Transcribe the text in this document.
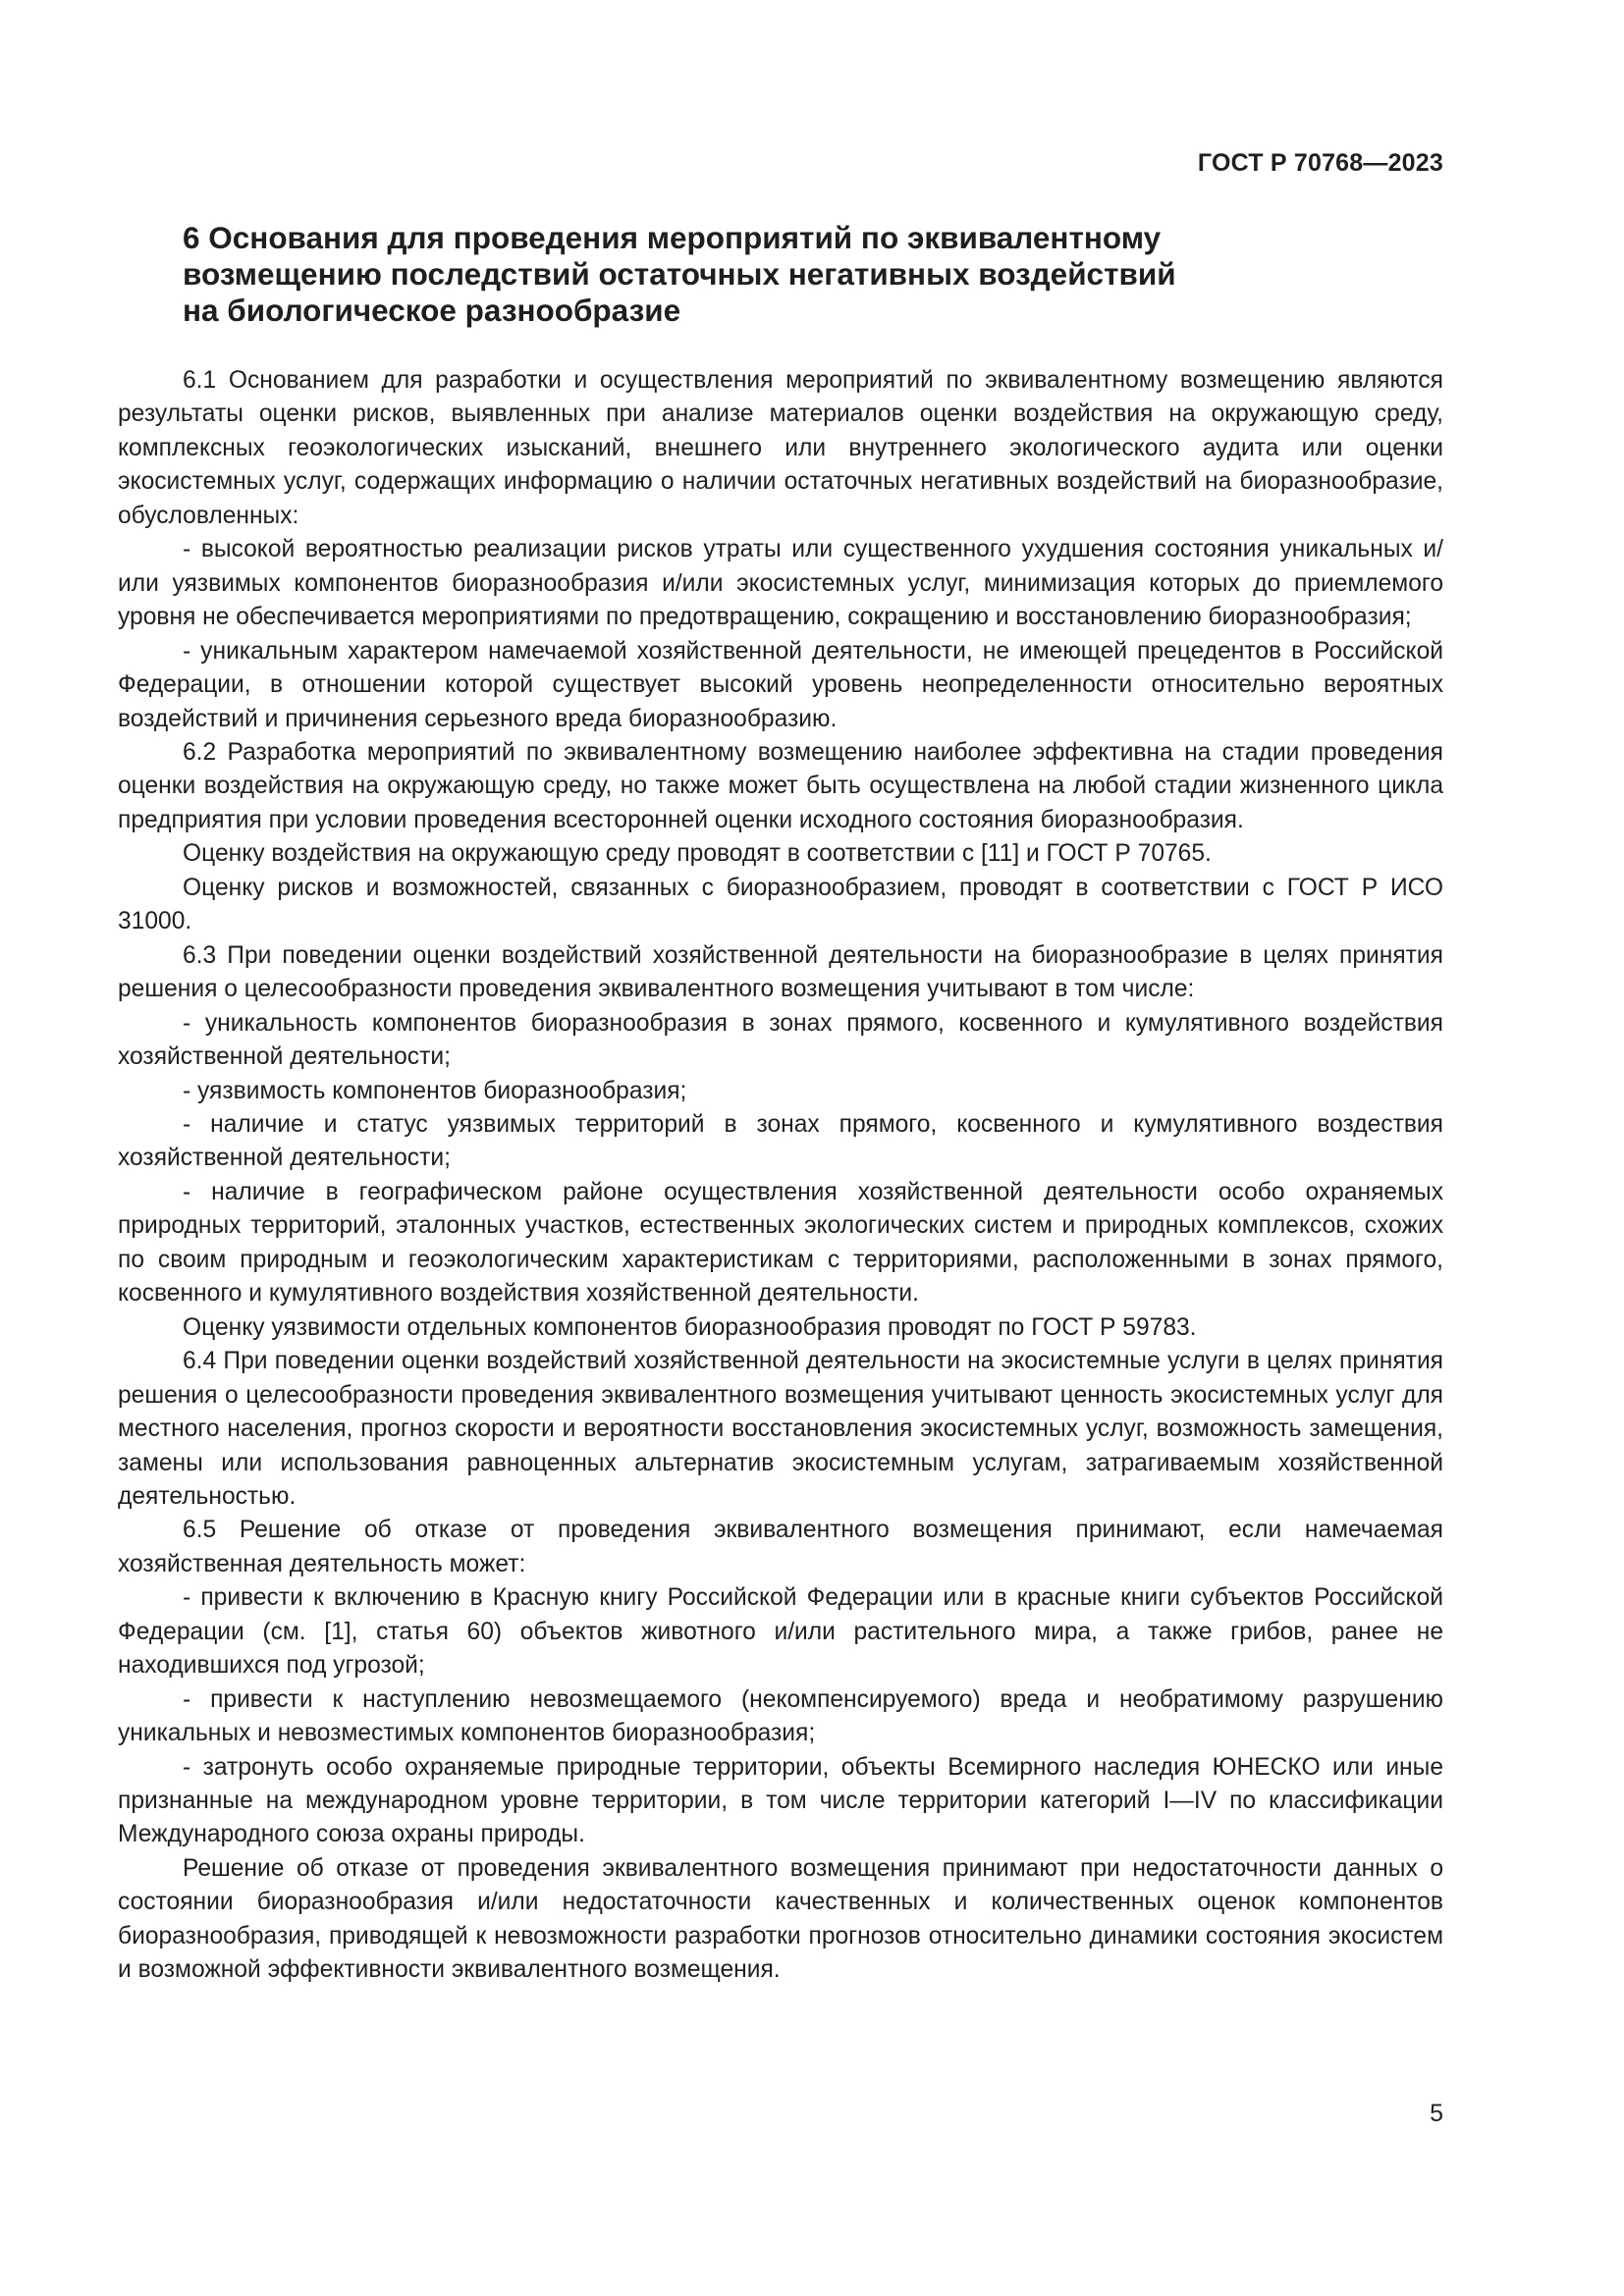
ГОСТ Р 70768—2023
6 Основания для проведения мероприятий по эквивалентному
возмещению последствий остаточных негативных воздействий
на биологическое разнообразие

6.1 Основанием для разработки и осуществления мероприятий по эквивалентному возмещению являются результаты оценки рисков, выявленных при анализе материалов оценки воздействия на окружающую среду, комплексных геоэкологических изысканий, внешнего или внутреннего экологического аудита или оценки экосистемных услуг, содержащих информацию о наличии остаточных негативных воздействий на биоразнообразие, обусловленных:

- высокой вероятностью реализации рисков утраты или существенного ухудшения состояния уникальных и/или уязвимых компонентов биоразнообразия и/или экосистемных услуг, минимизация которых до приемлемого уровня не обеспечивается мероприятиями по предотвращению, сокращению и восстановлению биоразнообразия;

- уникальным характером намечаемой хозяйственной деятельности, не имеющей прецедентов в Российской Федерации, в отношении которой существует высокий уровень неопределенности относительно вероятных воздействий и причинения серьезного вреда биоразнообразию.

6.2 Разработка мероприятий по эквивалентному возмещению наиболее эффективна на стадии проведения оценки воздействия на окружающую среду, но также может быть осуществлена на любой стадии жизненного цикла предприятия при условии проведения всесторонней оценки исходного состояния биоразнообразия.

Оценку воздействия на окружающую среду проводят в соответствии с [11] и ГОСТ Р 70765.

Оценку рисков и возможностей, связанных с биоразнообразием, проводят в соответствии с ГОСТ Р ИСО 31000.

6.3 При поведении оценки воздействий хозяйственной деятельности на биоразнообразие в целях принятия решения о целесообразности проведения эквивалентного возмещения учитывают в том числе:

- уникальность компонентов биоразнообразия в зонах прямого, косвенного и кумулятивного воздействия хозяйственной деятельности;

- уязвимость компонентов биоразнообразия;

- наличие и статус уязвимых территорий в зонах прямого, косвенного и кумулятивного воздествия хозяйственной деятельности;

- наличие в географическом районе осуществления хозяйственной деятельности особо охраняемых природных территорий, эталонных участков, естественных экологических систем и природных комплексов, схожих по своим природным и геоэкологическим характеристикам с территориями, расположенными в зонах прямого, косвенного и кумулятивного воздействия хозяйственной деятельности.

Оценку уязвимости отдельных компонентов биоразнообразия проводят по ГОСТ Р 59783.

6.4 При поведении оценки воздействий хозяйственной деятельности на экосистемные услуги в целях принятия решения о целесообразности проведения эквивалентного возмещения учитывают ценность экосистемных услуг для местного населения, прогноз скорости и вероятности восстановления экосистемных услуг, возможность замещения, замены или использования равноценных альтернатив экосистемным услугам, затрагиваемым хозяйственной деятельностью.

6.5 Решение об отказе от проведения эквивалентного возмещения принимают, если намечаемая хозяйственная деятельность может:

- привести к включению в Красную книгу Российской Федерации или в красные книги субъектов Российской Федерации (см. [1], статья 60) объектов животного и/или растительного мира, а также грибов, ранее не находившихся под угрозой;

- привести к наступлению невозмещаемого (некомпенсируемого) вреда и необратимому разрушению уникальных и невозместимых компонентов биоразнообразия;

- затронуть особо охраняемые природные территории, объекты Всемирного наследия ЮНЕСКО или иные признанные на международном уровне территории, в том числе территории категорий I—IV по классификации Международного союза охраны природы.

Решение об отказе от проведения эквивалентного возмещения принимают при недостаточности данных о состоянии биоразнообразия и/или недостаточности качественных и количественных оценок компонентов биоразнообразия, приводящей к невозможности разработки прогнозов относительно динамики состояния экосистем и возможной эффективности эквивалентного возмещения.

5
